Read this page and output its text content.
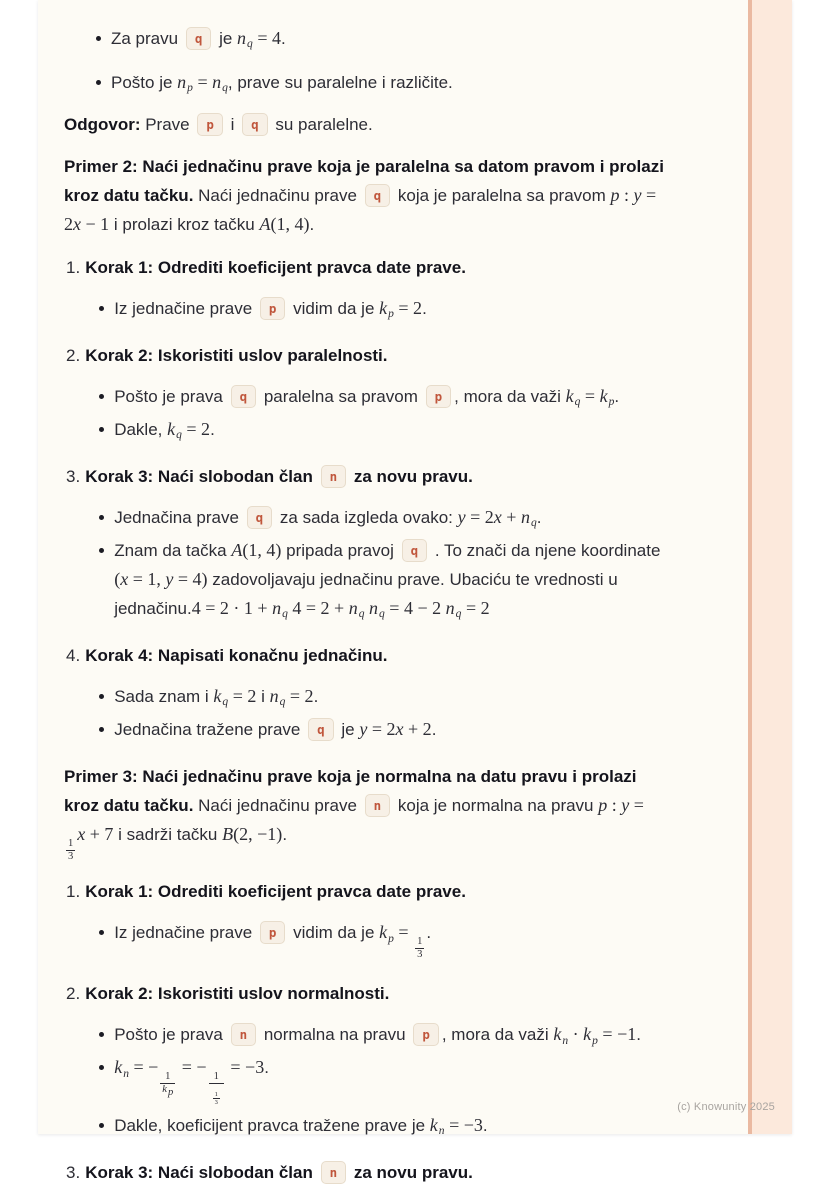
Za pravu q je nq = 4.
Pošto je np = nq, prave su paralelne i različite.
Odgovor: Prave p i q su paralelne.
Primer 2: Naći jednačinu prave koja je paralelna sa datom pravom i prolazi
kroz datu tačku. Naći jednačinu prave q koja je paralelna sa pravom p : y =
2x − 1 i prolazi kroz tačku A(1, 4).
1. Korak 1: Odrediti koeficijent pravca date prave.
Iz jednačine prave p vidim da je kp = 2.
2. Korak 2: Iskoristiti uslov paralelnosti.
Pošto je prava q paralelna sa pravom p , mora da važi kq = kp.
Dakle, kq = 2.
3. Korak 3: Naći slobodan član n za novu pravu.
Jednačina prave q za sada izgleda ovako: y = 2x + nq.
Znam da tačka A(1, 4) pripada pravoj q . To znači da njene koordinate
(x = 1, y = 4) zadovoljavaju jednačinu prave. Ubaciću te vrednosti u
jednačinu.4 = 2 · 1 + nq 4 = 2 + nq nq = 4 − 2 nq = 2
4. Korak 4: Napisati konačnu jednačinu.
Sada znam i kq = 2 i nq = 2.
Jednačina tražene prave q je y = 2x + 2.
Primer 3: Naći jednačinu prave koja je normalna na datu pravu i prolazi
kroz datu tačku. Naći jednačinu prave n koja je normalna na pravu p : y =

$\frac{1}{3}$
x + 7 i sadrži tačku B(2, −1).
1. Korak 1: Odrediti koeficijent pravca date prave.
Iz jednačine prave p vidim da je kp =
$\frac{1}{3}$
.
2. Korak 2: Iskoristiti uslov normalnosti.
Pošto je prava n normalna na pravu p , mora da važi kn · kp = −1.
kn = −
$\frac{1}{kp}$
= −
$\frac{1}{\frac{1}{3}}$
= −3.
Dakle, koeficijent pravca tražene prave je kn = −3.
3. Korak 3: Naći slobodan član n za novu pravu.
(c) Knowunity 2025
